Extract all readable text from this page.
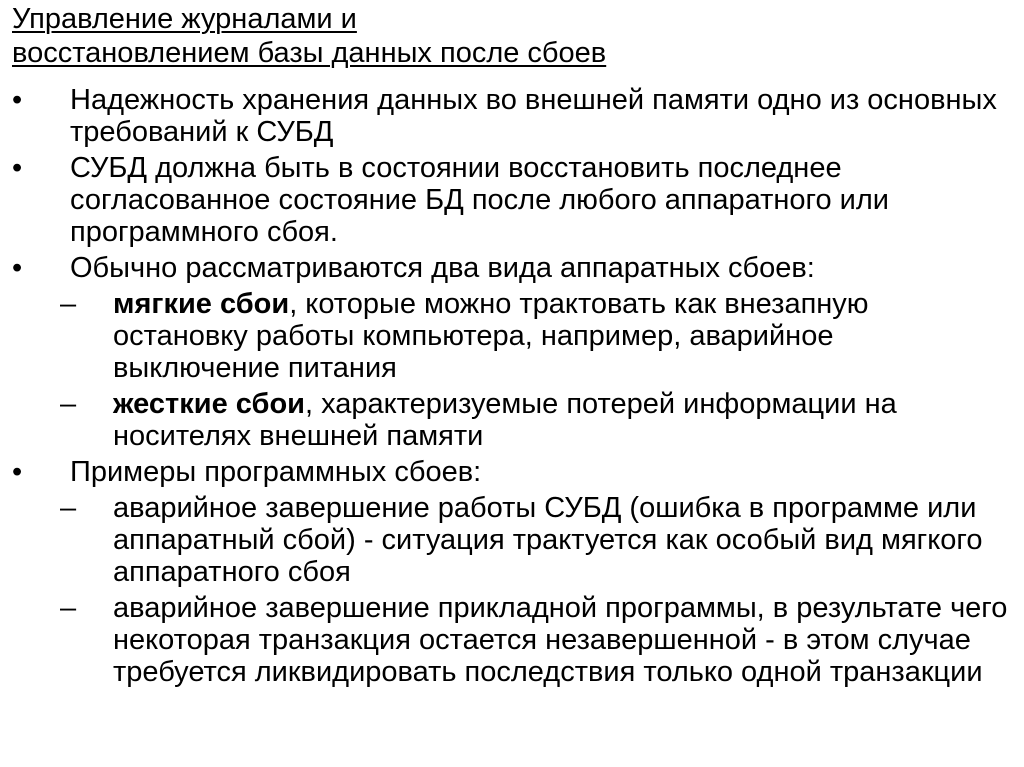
Управление журналами и
восстановлением базы данных после сбоев
• Надежность хранения данных во внешней памяти одно из основных требований к СУБД
• СУБД должна быть в состоянии восстановить последнее согласованное состояние БД после любого аппаратного или программного сбоя.
• Обычно рассматриваются два вида аппаратных сбоев:
– мягкие сбои, которые можно трактовать как внезапную остановку работы компьютера, например, аварийное выключение питания
– жесткие сбои, характеризуемые потерей информации на носителях внешней памяти
• Примеры программных сбоев:
– аварийное завершение работы СУБД (ошибка в программе или аппаратный сбой) - ситуация трактуется как особый вид мягкого аппаратного сбоя
– аварийное завершение прикладной программы, в результате чего некоторая транзакция остается незавершенной - в этом случае требуется ликвидировать последствия только одной транзакции
